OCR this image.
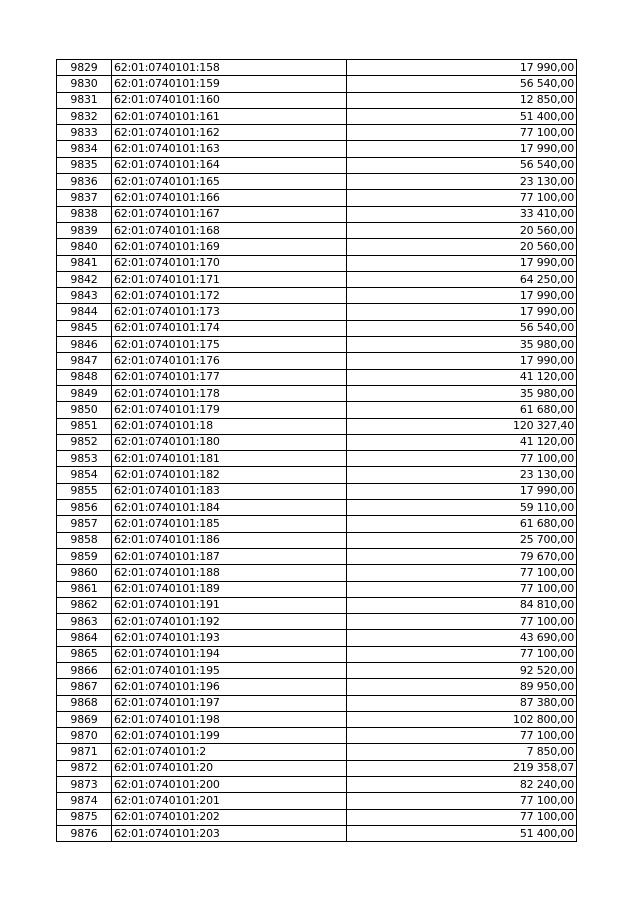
9829	62:01:0740101:158	17 990,00
9830	62:01:0740101:159	56 540,00
9831	62:01:0740101:160	12 850,00
9832	62:01:0740101:161	51 400,00
9833	62:01:0740101:162	77 100,00
9834	62:01:0740101:163	17 990,00
9835	62:01:0740101:164	56 540,00
9836	62:01:0740101:165	23 130,00
9837	62:01:0740101:166	77 100,00
9838	62:01:0740101:167	33 410,00
9839	62:01:0740101:168	20 560,00
9840	62:01:0740101:169	20 560,00
9841	62:01:0740101:170	17 990,00
9842	62:01:0740101:171	64 250,00
9843	62:01:0740101:172	17 990,00
9844	62:01:0740101:173	17 990,00
9845	62:01:0740101:174	56 540,00
9846	62:01:0740101:175	35 980,00
9847	62:01:0740101:176	17 990,00
9848	62:01:0740101:177	41 120,00
9849	62:01:0740101:178	35 980,00
9850	62:01:0740101:179	61 680,00
9851	62:01:0740101:18	120 327,40
9852	62:01:0740101:180	41 120,00
9853	62:01:0740101:181	77 100,00
9854	62:01:0740101:182	23 130,00
9855	62:01:0740101:183	17 990,00
9856	62:01:0740101:184	59 110,00
9857	62:01:0740101:185	61 680,00
9858	62:01:0740101:186	25 700,00
9859	62:01:0740101:187	79 670,00
9860	62:01:0740101:188	77 100,00
9861	62:01:0740101:189	77 100,00
9862	62:01:0740101:191	84 810,00
9863	62:01:0740101:192	77 100,00
9864	62:01:0740101:193	43 690,00
9865	62:01:0740101:194	77 100,00
9866	62:01:0740101:195	92 520,00
9867	62:01:0740101:196	89 950,00
9868	62:01:0740101:197	87 380,00
9869	62:01:0740101:198	102 800,00
9870	62:01:0740101:199	77 100,00
9871	62:01:0740101:2	7 850,00
9872	62:01:0740101:20	219 358,07
9873	62:01:0740101:200	82 240,00
9874	62:01:0740101:201	77 100,00
9875	62:01:0740101:202	77 100,00
9876	62:01:0740101:203	51 400,00
